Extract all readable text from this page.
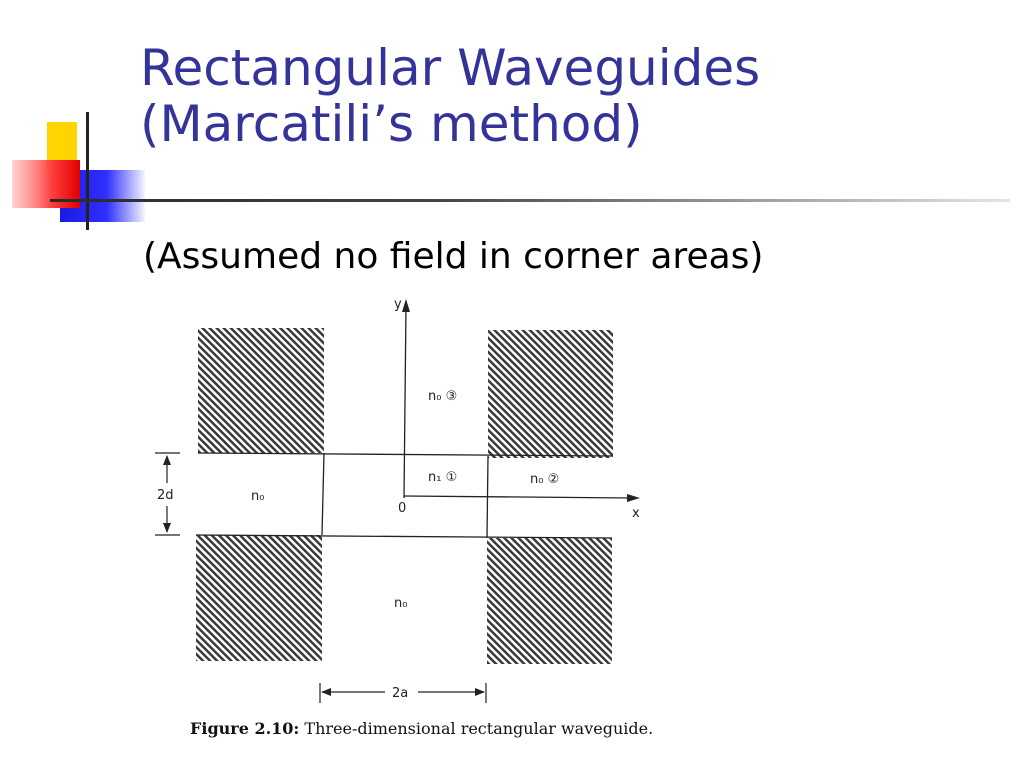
Rectangular Waveguides
(Marcatili’s method)
(Assumed no field in corner areas)
y
x
0
n₀ ③
n₁ ①	n₀ ②
n₀
n₀
2d
2a
Figure 2.10: Three-dimensional rectangular waveguide.
